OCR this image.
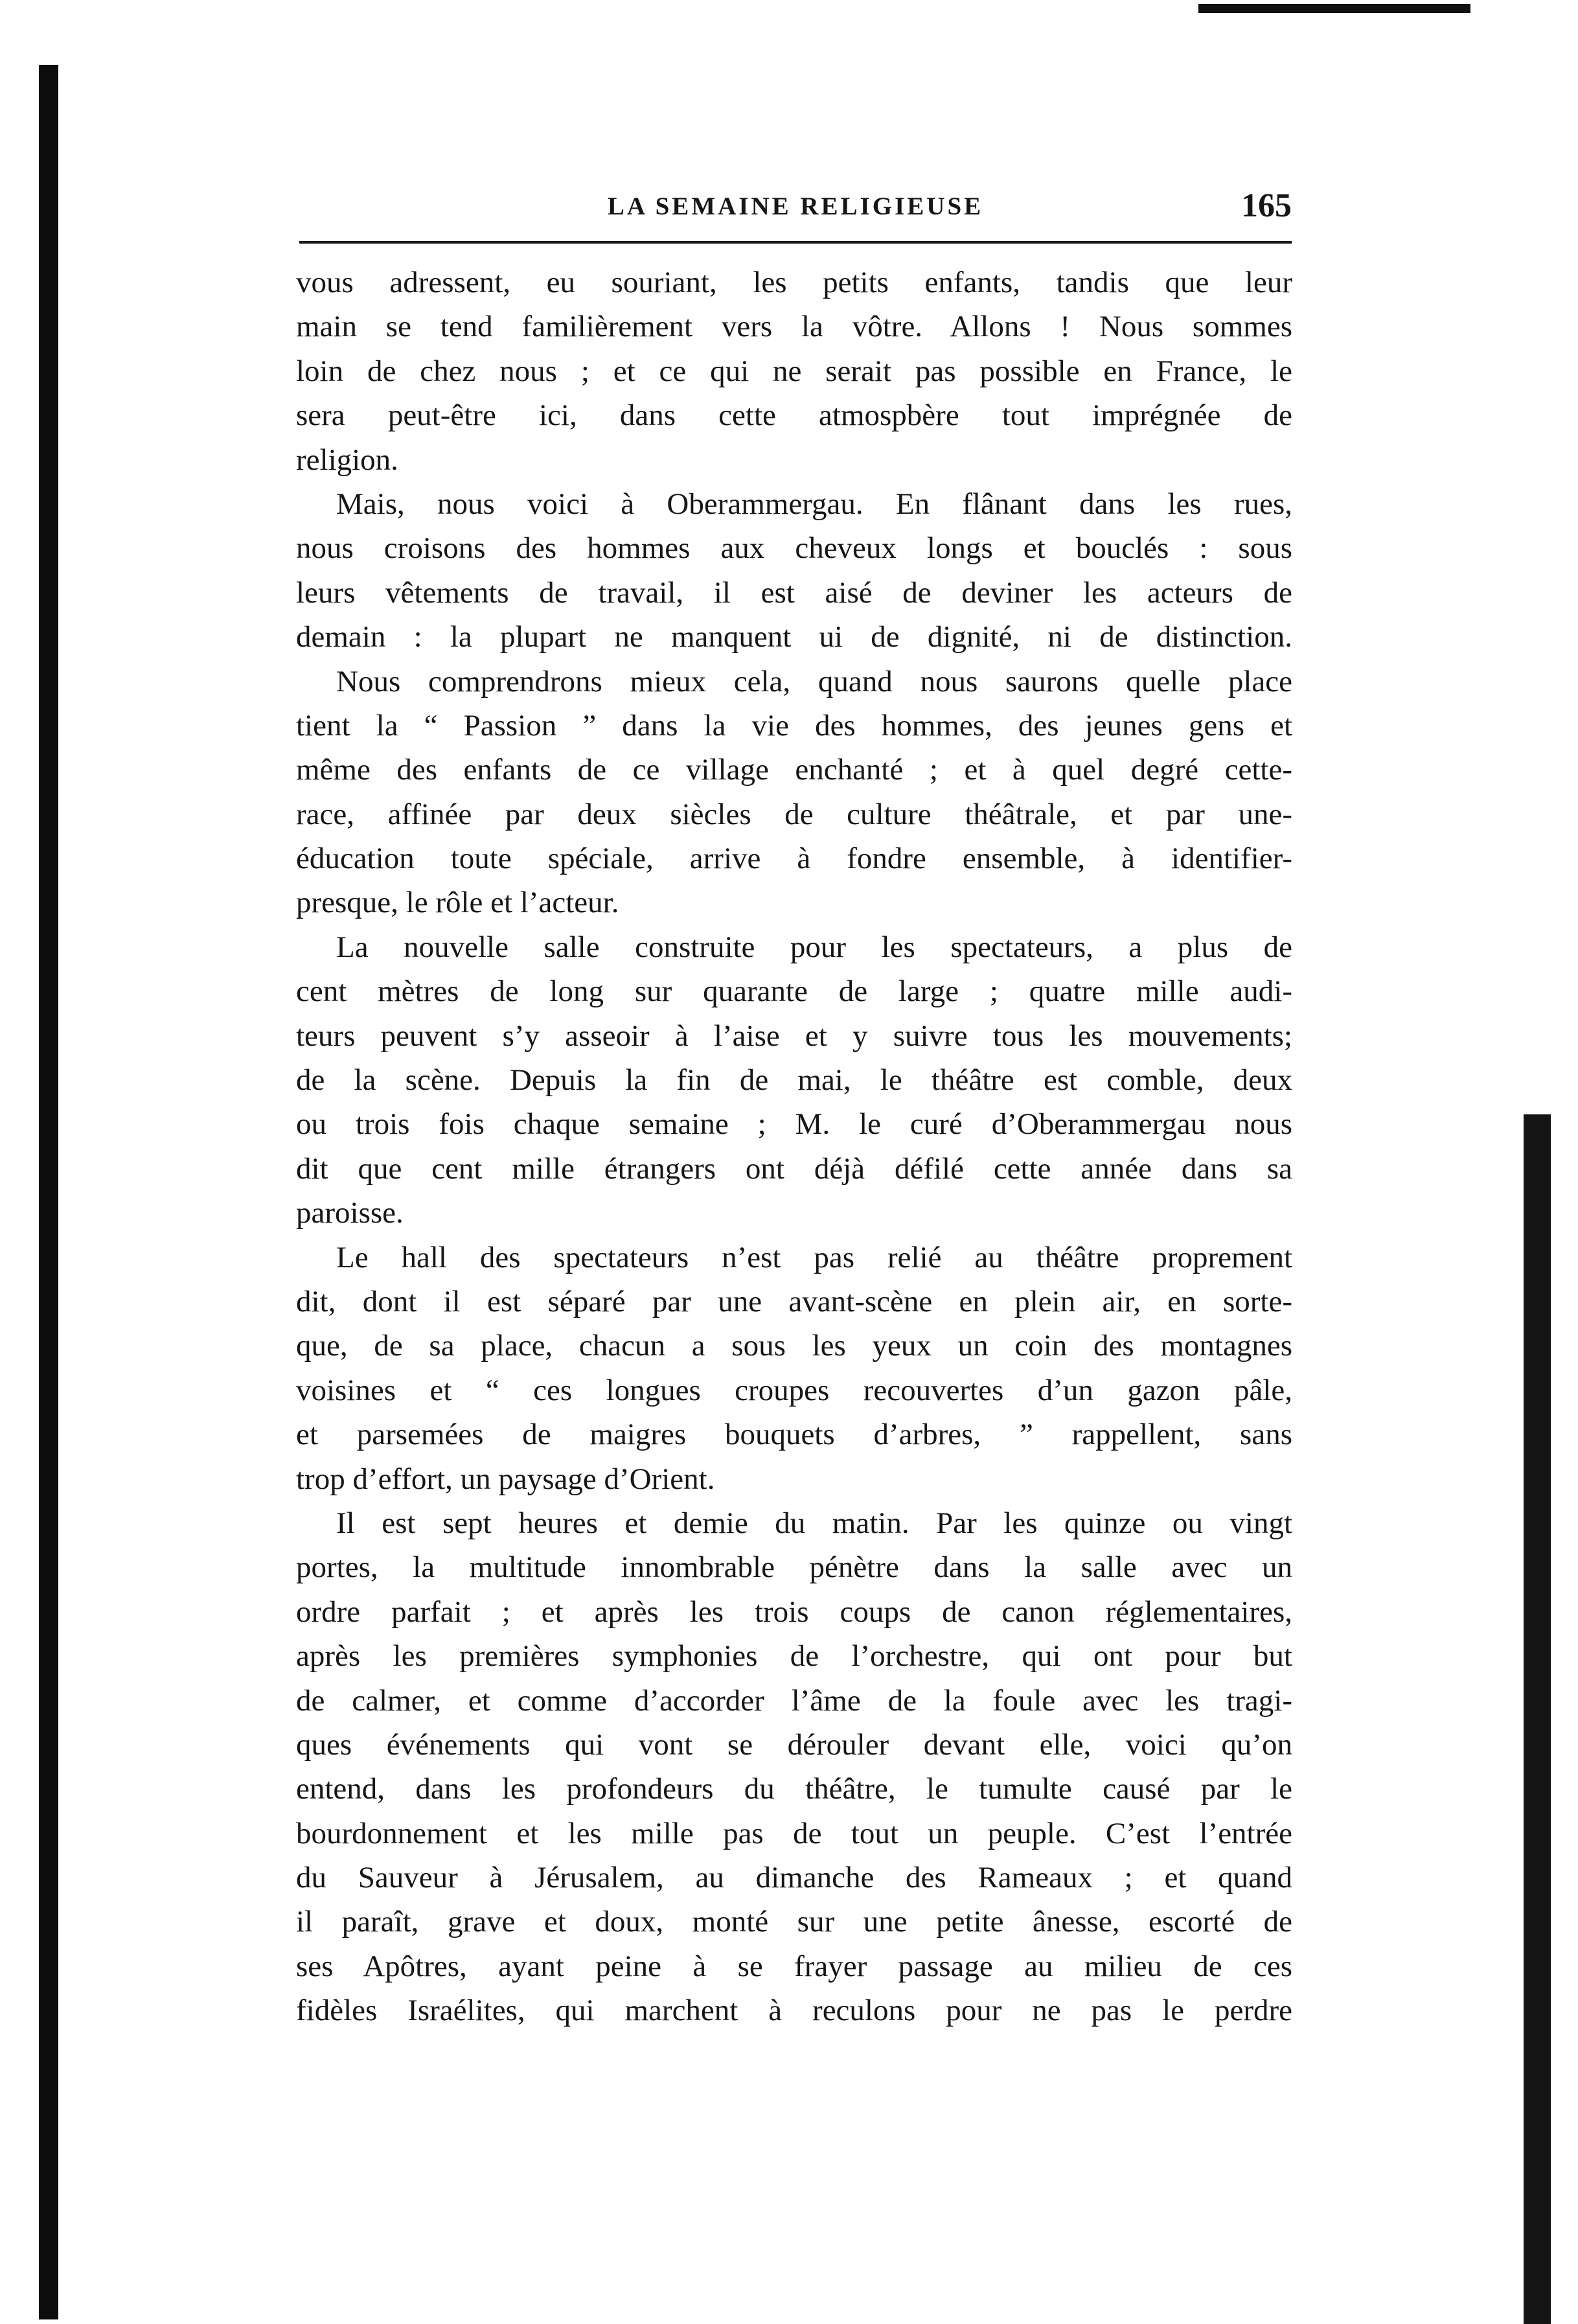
LA SEMAINE RELIGIEUSE	165
vous adressent, eu souriant, les petits enfants, tandis que leur
main se tend familièrement vers la vôtre. Allons ! Nous sommes
loin de chez nous ; et ce qui ne serait pas possible en France, le
sera peut-être ici, dans cette atmospbère tout imprégnée de
religion.
Mais, nous voici à Oberammergau. En flânant dans les rues,
nous croisons des hommes aux cheveux longs et bouclés : sous
leurs vêtements de travail, il est aisé de deviner les acteurs de
demain : la plupart ne manquent ui de dignité, ni de distinction.
Nous comprendrons mieux cela, quand nous saurons quelle place
tient la “ Passion ” dans la vie des hommes, des jeunes gens et
même des enfants de ce village enchanté ; et à quel degré cette-
race, affinée par deux siècles de culture théâtrale, et par une-
éducation toute spéciale, arrive à fondre ensemble, à identifier-
presque, le rôle et l’acteur.
La nouvelle salle construite pour les spectateurs, a plus de
cent mètres de long sur quarante de large ; quatre mille audi-
teurs peuvent s’y asseoir à l’aise et y suivre tous les mouvements;
de la scène. Depuis la fin de mai, le théâtre est comble, deux
ou trois fois chaque semaine ; M. le curé d’Oberammergau nous
dit que cent mille étrangers ont déjà défilé cette année dans sa
paroisse.
Le hall des spectateurs n’est pas relié au théâtre proprement
dit, dont il est séparé par une avant-scène en plein air, en sorte-
que, de sa place, chacun a sous les yeux un coin des montagnes
voisines et “ ces longues croupes recouvertes d’un gazon pâle,
et parsemées de maigres bouquets d’arbres, ” rappellent, sans
trop d’effort, un paysage d’Orient.
Il est sept heures et demie du matin. Par les quinze ou vingt
portes, la multitude innombrable pénètre dans la salle avec un
ordre parfait ; et après les trois coups de canon réglementaires,
après les premières symphonies de l’orchestre, qui ont pour but
de calmer, et comme d’accorder l’âme de la foule avec les tragi-
ques événements qui vont se dérouler devant elle, voici qu’on
entend, dans les profondeurs du théâtre, le tumulte causé par le
bourdonnement et les mille pas de tout un peuple. C’est l’entrée
du Sauveur à Jérusalem, au dimanche des Rameaux ; et quand
il paraît, grave et doux, monté sur une petite ânesse, escorté de
ses Apôtres, ayant peine à se frayer passage au milieu de ces
fidèles Israélites, qui marchent à reculons pour ne pas le perdre
